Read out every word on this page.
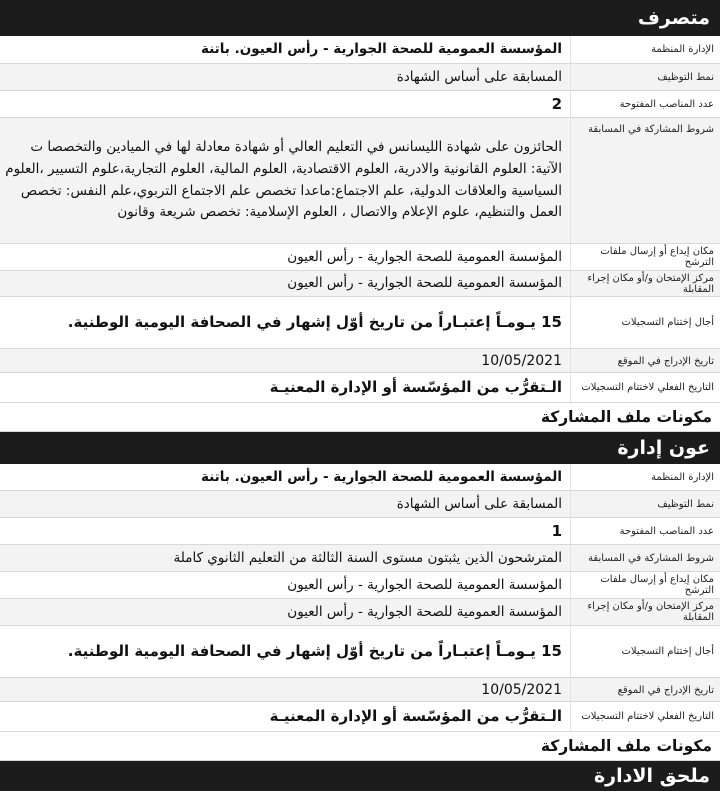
متصرف
الإدارة المنظمة
المؤسسة العمومية للصحة الجوارية - رأس العيون. باتنة
نمط التوظيف
المسابقة على أساس الشهادة
عدد المناصب المفتوحة
2
شروط المشاركة في المسابقة
الحائزون على شهادة الليسانس في التعليم العالي أو شهادة معادلة لها في الميادين والتخصصا ت الآتية: العلوم القانونية والادرية، العلوم الاقتصادية، العلوم المالية، العلوم التجارية،علوم التسيير ،العلوم السياسية والعلاقات الدولية، علم الاجتماع:ماعدا تخصص علم الاجتماع التربوي،علم النفس: تخصص العمل والتنظيم، علوم الإعلام والاتصال ، العلوم الإسلامية: تخصص شريعة وقانون
مكان إيداع أو إرسال ملفات الترشح
المؤسسة العمومية للصحة الجوارية - رأس العيون
مركز الإمتحان و/أو مكان إجراء المقابلة
المؤسسة العمومية للصحة الجوارية - رأس العيون
أجال إختتام التسجيلات
15 يـومـاً إعتبـاراً من تاريخ أوّل إشهار في الصحافة اليومية الوطنية.
تاريخ الإدراج في الموقع
10/05/2021
التاريخ الفعلي لاختتام التسجيلات
الـتقرُّب من المؤسّسة أو الإدارة المعنيـة
مكونات ملف المشاركة
عون إدارة
الإدارة المنظمة
المؤسسة العمومية للصحة الجوارية - رأس العيون. باتنة
نمط التوظيف
المسابقة على أساس الشهادة
عدد المناصب المفتوحة
1
شروط المشاركة في المسابقة
المترشحون الذين يثبتون مستوى السنة الثالثة من التعليم الثانوي كاملة
مكان إيداع أو إرسال ملفات الترشح
المؤسسة العمومية للصحة الجوارية - رأس العيون
مركز الإمتحان و/أو مكان إجراء المقابلة
المؤسسة العمومية للصحة الجوارية - رأس العيون
أجال إختتام التسجيلات
15 يـومـاً إعتبـاراً من تاريخ أوّل إشهار في الصحافة اليومية الوطنية.
تاريخ الإدراج في الموقع
10/05/2021
التاريخ الفعلي لاختتام التسجيلات
الـتقرُّب من المؤسّسة أو الإدارة المعنيـة
مكونات ملف المشاركة
ملحق الادارة
